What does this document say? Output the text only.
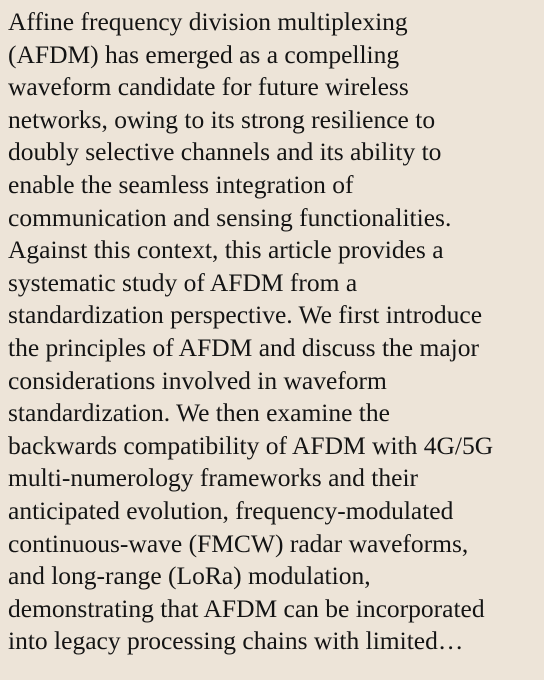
Affine frequency division multiplexing
(AFDM) has emerged as a compelling
waveform candidate for future wireless
networks, owing to its strong resilience to
doubly selective channels and its ability to
enable the seamless integration of
communication and sensing functionalities.
Against this context, this article provides a
systematic study of AFDM from a
standardization perspective. We first introduce
the principles of AFDM and discuss the major
considerations involved in waveform
standardization. We then examine the
backwards compatibility of AFDM with 4G/5G
multi-numerology frameworks and their
anticipated evolution, frequency-modulated
continuous-wave (FMCW) radar waveforms,
and long-range (LoRa) modulation,
demonstrating that AFDM can be incorporated
into legacy processing chains with limited…
